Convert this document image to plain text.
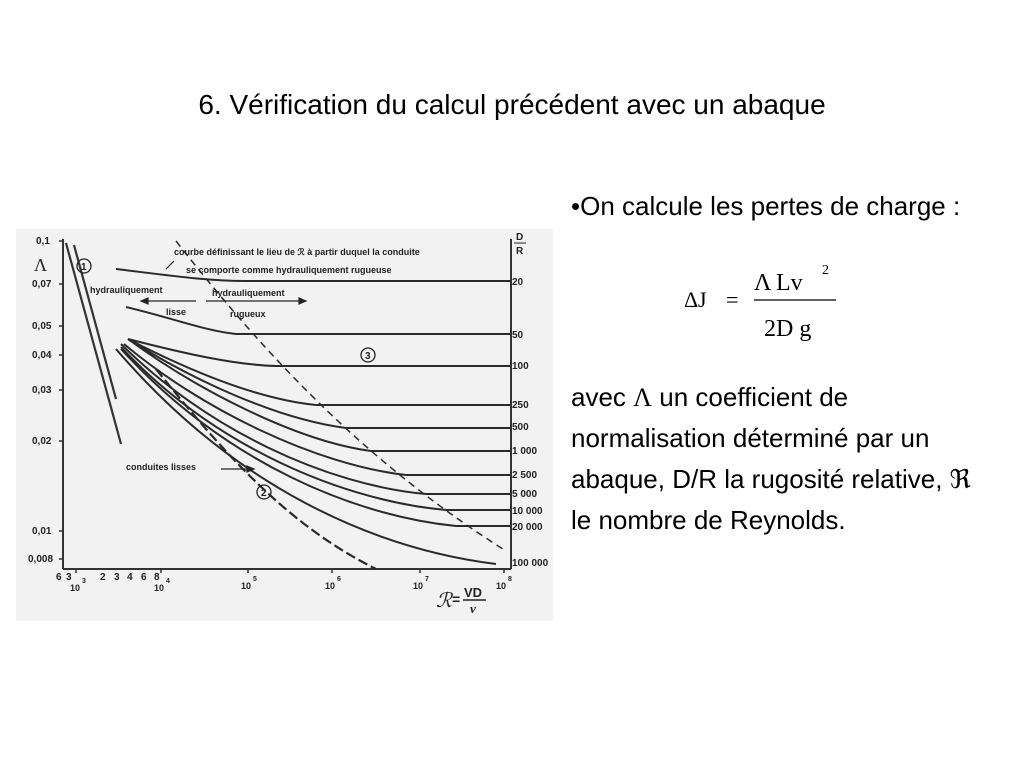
6. Vérification du calcul précédent avec un abaque
0,1
0,07
0,05
0,04
0,03
0,02
0,01
0,008
Λ
6 3	2 3 4 6 8
10	10	10	10	10	10
3	4	5	6	7	8
ℛ = VD
ν
D
R
20
50
100
250
500
1 000
2 500
5 000
10 000
20 000
100 000
courbe définissant le lieu de ℛ à partir duquel la conduite
se comporte comme hydrauliquement rugueuse
hydrauliquement
lisse
hydrauliquement
rugueux
conduites lisses
1
2
3

•On calcule les pertes de charge :

Δ J =
Λ Lv 2
2D g
avec Λ un coefficient de normalisation déterminé par un abaque, D/R la rugosité relative, ℜ le nombre de Reynolds.
